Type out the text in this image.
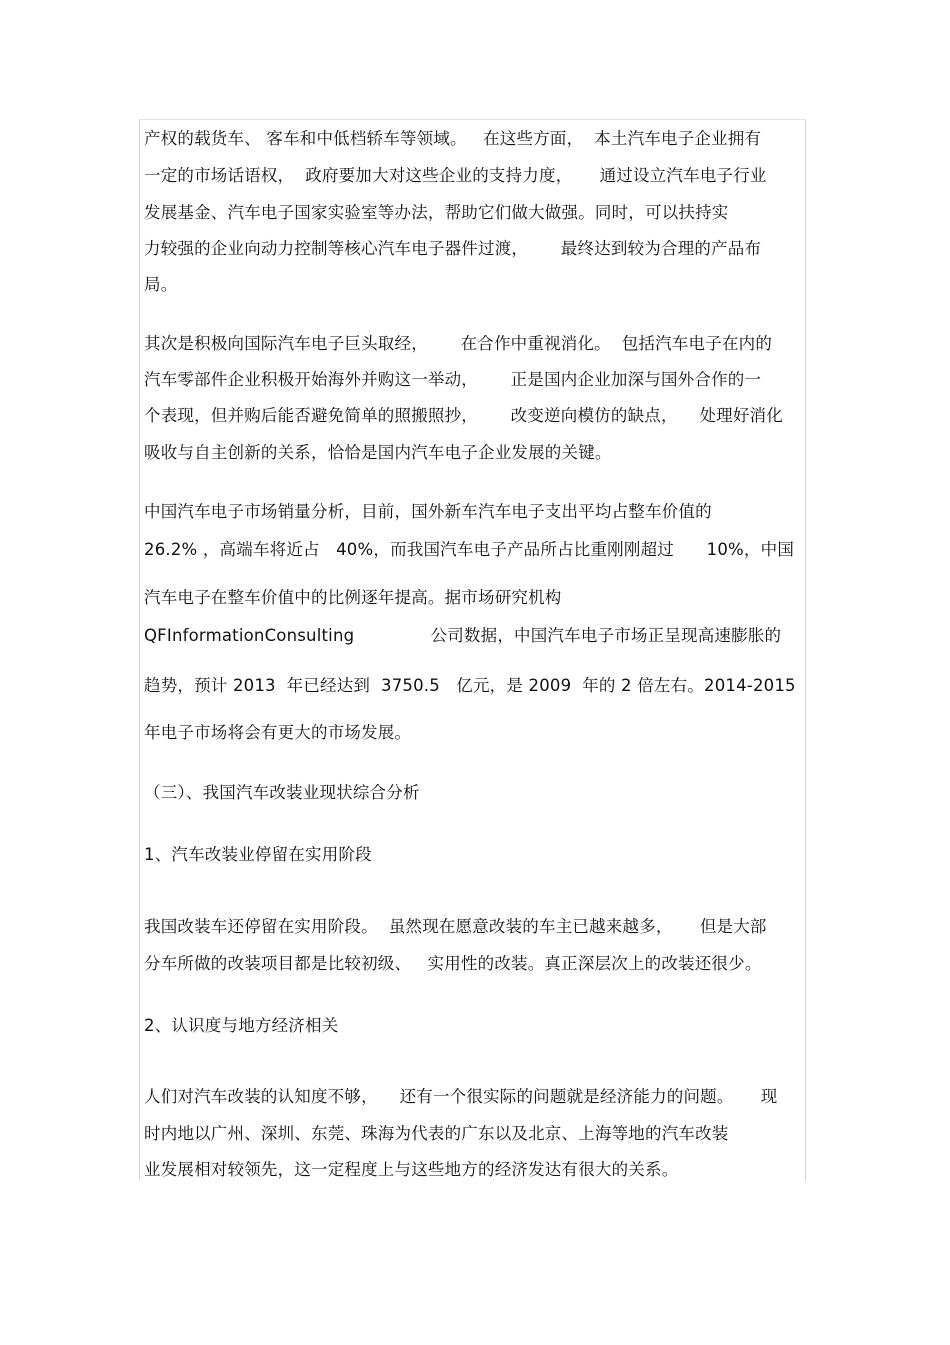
产权的载货车、 客车和中低档轿车等领域。   在这些方面，  本土汽车电子企业拥有
一定的市场话语权，  政府要加大对这些企业的支持力度，     通过设立汽车电子行业
发展基金、汽车电子国家实验室等办法，帮助它们做大做强。同时，可以扶持实
力较强的企业向动力控制等核心汽车电子器件过渡，      最终达到较为合理的产品布
局。
其次是积极向国际汽车电子巨头取经，      在合作中重视消化。  包括汽车电子在内的
汽车零部件企业积极开始海外并购这一举动，      正是国内企业加深与国外合作的一
个表现，但并购后能否避免简单的照搬照抄，      改变逆向模仿的缺点，    处理好消化
吸收与自主创新的关系，恰恰是国内汽车电子企业发展的关键。
中国汽车电子市场销量分析，目前，国外新车汽车电子支出平均占整车价值的
26.2% ，高端车将近占   40%，而我国汽车电子产品所占比重刚刚超过      10%，中国
汽车电子在整车价值中的比例逐年提高。据市场研究机构
QFInformationConsulting              公司数据，中国汽车电子市场正呈现高速膨胀的
趋势，预计 2013  年已经达到  3750.5   亿元，是 2009  年的 2 倍左右。2014-2015
年电子市场将会有更大的市场发展。
（三）、我国汽车改装业现状综合分析
1、汽车改装业停留在实用阶段
我国改装车还停留在实用阶段。  虽然现在愿意改装的车主已越来越多，     但是大部
分车所做的改装项目都是比较初级、   实用性的改装。真正深层次上的改装还很少。
2、认识度与地方经济相关
人们对汽车改装的认知度不够，    还有一个很实际的问题就是经济能力的问题。     现
时内地以广州、深圳、东莞、珠海为代表的广东以及北京、上海等地的汽车改装
业发展相对较领先，这一定程度上与这些地方的经济发达有很大的关系。
